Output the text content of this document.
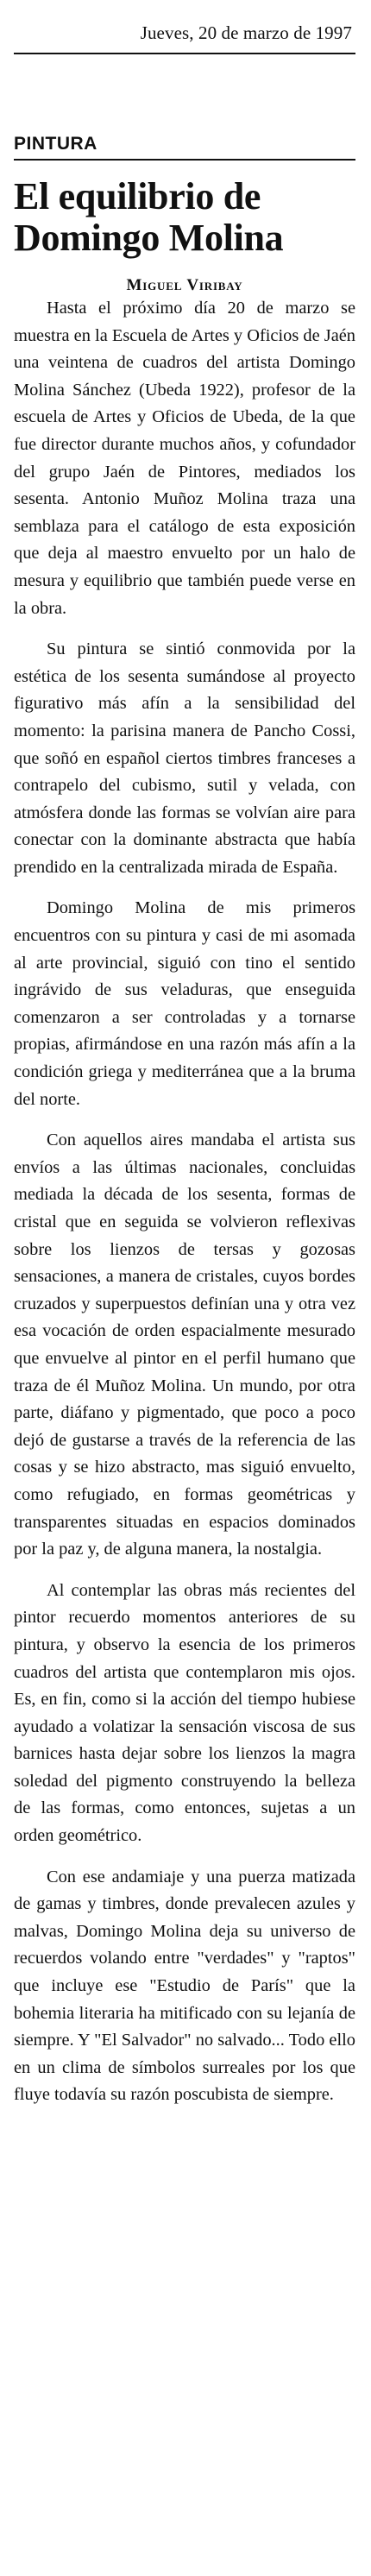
Jueves, 20 de marzo de 1997
PINTURA
El equilibrio de
Domingo Molina
Miguel Viribay

Hasta el próximo día 20 de marzo se muestra en la Escuela de Artes y Oficios de Jaén una veintena de cuadros del artista Domingo Molina Sánchez (Ubeda 1922), profesor de la escuela de Artes y Oficios de Ubeda, de la que fue director durante muchos años, y cofundador del grupo Jaén de Pintores, mediados los sesenta. Antonio Muñoz Molina traza una semblaza para el catálogo de esta exposición que deja al maestro envuelto por un halo de mesura y equilibrio que también puede verse en la obra.

Su pintura se sintió conmovida por la estética de los sesenta sumándose al proyecto figurativo más afín a la sensibilidad del momento: la parisina manera de Pancho Cossi, que soñó en español ciertos timbres franceses a contrapelo del cubismo, sutil y velada, con atmósfera donde las formas se volvían aire para conectar con la dominante abstracta que había prendido en la centralizada mirada de España.

Domingo Molina de mis primeros encuentros con su pintura y casi de mi asomada al arte provincial, siguió con tino el sentido ingrávido de sus veladuras, que enseguida comenzaron a ser controladas y a tornarse propias, afirmándose en una razón más afín a la condición griega y mediterránea que a la bruma del norte.

Con aquellos aires mandaba el artista sus envíos a las últimas nacionales, concluidas mediada la década de los sesenta, formas de cristal que en seguida se volvieron reflexivas sobre los lienzos de tersas y gozosas sensaciones, a manera de cristales, cuyos bordes cruzados y superpuestos definían una y otra vez esa vocación de orden espacialmente mesurado que envuelve al pintor en el perfil humano que traza de él Muñoz Molina. Un mundo, por otra parte, diáfano y pigmentado, que poco a poco dejó de gustarse a través de la referencia de las cosas y se hizo abstracto, mas siguió envuelto, como refugiado, en formas geométricas y transparentes situadas en espacios dominados por la paz y, de alguna manera, la nostalgia.

Al contemplar las obras más recientes del pintor recuerdo momentos anteriores de su pintura, y observo la esencia de los primeros cuadros del artista que contemplaron mis ojos. Es, en fin, como si la acción del tiempo hubiese ayudado a volatizar la sensación viscosa de sus barnices hasta dejar sobre los lienzos la magra soledad del pigmento construyendo la belleza de las formas, como entonces, sujetas a un orden geométrico.

Con ese andamiaje y una puerza matizada de gamas y timbres, donde prevalecen azules y malvas, Domingo Molina deja su universo de recuerdos volando entre "verdades" y "raptos" que incluye ese "Estudio de París" que la bohemia literaria ha mitificado con su lejanía de siempre. Y "El Salvador" no salvado... Todo ello en un clima de símbolos surreales por los que fluye todavía su razón poscubista de siempre.
